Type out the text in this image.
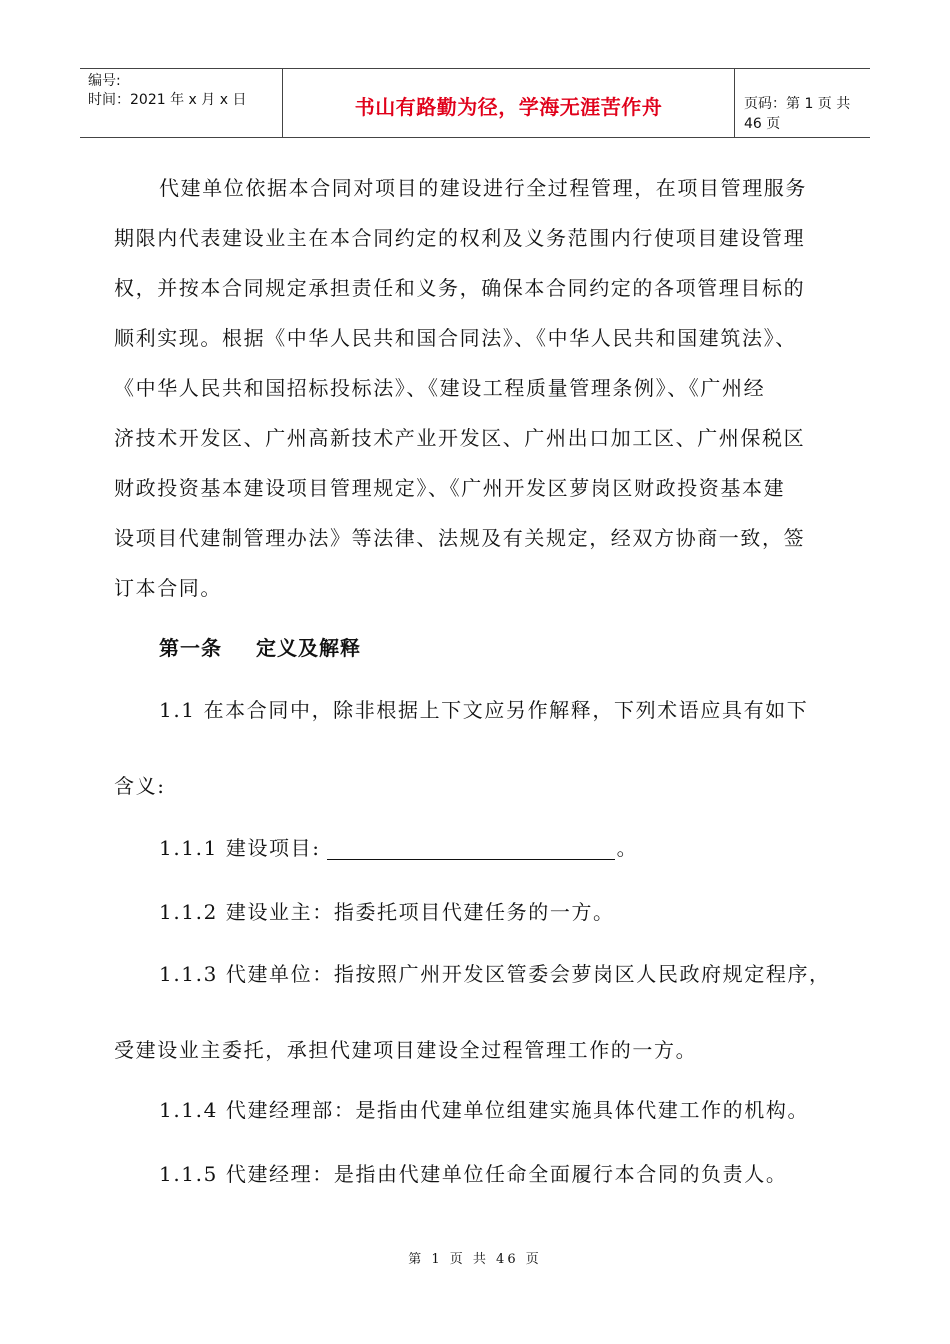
编号:
时间：2021 年 x 月 x 日	书山有路勤为径，学海无涯苦作舟	页码：第 1 页 共 46 页
代建单位依据本合同对项目的建设进行全过程管理，在项目管理服务
期限内代表建设业主在本合同约定的权利及义务范围内行使项目建设管理
权，并按本合同规定承担责任和义务，确保本合同约定的各项管理目标的
顺利实现。根据《中华人民共和国合同法》、《中华人民共和国建筑法》、
《中华人民共和国招标投标法》、《建设工程质量管理条例》、《广州经
济技术开发区、广州高新技术产业开发区、广州出口加工区、广州保税区
财政投资基本建设项目管理规定》、《广州开发区萝岗区财政投资基本建
设项目代建制管理办法》等法律、法规及有关规定，经双方协商一致，签
订本合同。
第一条 定义及解释
1.1 在本合同中，除非根据上下文应另作解释，下列术语应具有如下
含义:
1.1.1 建设项目:	。
1.1.2 建设业主：指委托项目代建任务的一方。
1.1.3 代建单位：指按照广州开发区管委会萝岗区人民政府规定程序，
受建设业主委托，承担代建项目建设全过程管理工作的一方。
1.1.4 代建经理部：是指由代建单位组建实施具体代建工作的机构。
1.1.5 代建经理：是指由代建单位任命全面履行本合同的负责人。
第 1 页 共 46 页
